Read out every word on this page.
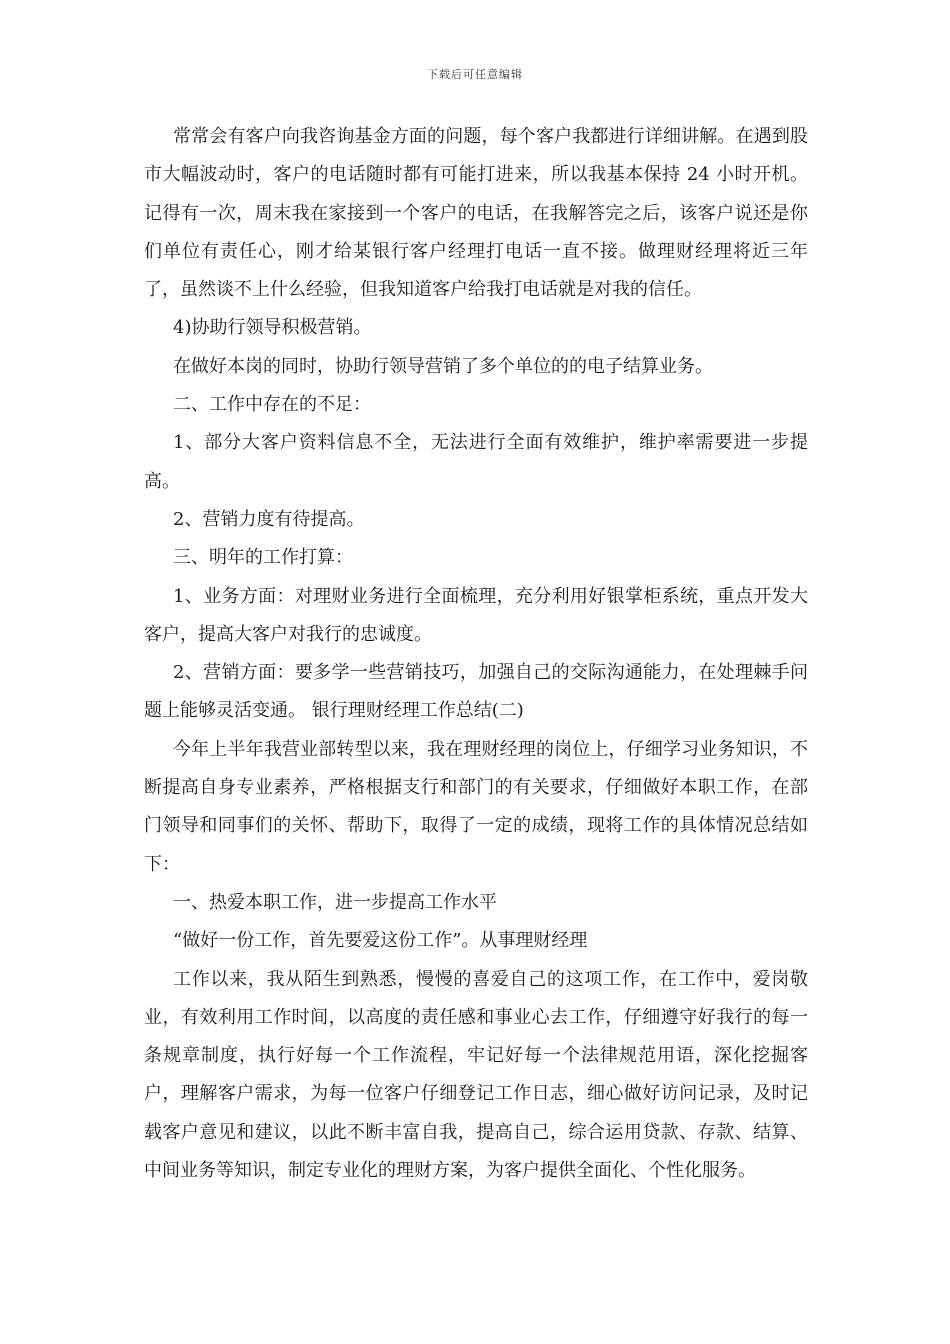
下载后可任意编辑

常常会有客户向我咨询基金方面的问题，每个客户我都进行详细讲解。在遇到股市大幅波动时，客户的电话随时都有可能打进来，所以我基本保持 24 小时开机。记得有一次，周末我在家接到一个客户的电话，在我解答完之后，该客户说还是你们单位有责任心，刚才给某银行客户经理打电话一直不接。做理财经理将近三年了，虽然谈不上什么经验，但我知道客户给我打电话就是对我的信任。

4)协助行领导积极营销。

在做好本岗的同时，协助行领导营销了多个单位的的电子结算业务。

二、工作中存在的不足：

1、部分大客户资料信息不全，无法进行全面有效维护，维护率需要进一步提高。

2、营销力度有待提高。

三、明年的工作打算：

1、业务方面：对理财业务进行全面梳理，充分利用好银掌柜系统，重点开发大客户，提高大客户对我行的忠诚度。

2、营销方面：要多学一些营销技巧，加强自己的交际沟通能力，在处理棘手问题上能够灵活变通。 银行理财经理工作总结(二)

今年上半年我营业部转型以来，我在理财经理的岗位上，仔细学习业务知识，不断提高自身专业素养，严格根据支行和部门的有关要求，仔细做好本职工作，在部门领导和同事们的关怀、帮助下，取得了一定的成绩，现将工作的具体情况总结如下：

一、热爱本职工作，进一步提高工作水平

“做好一份工作，首先要爱这份工作”。从事理财经理

工作以来，我从陌生到熟悉，慢慢的喜爱自己的这项工作，在工作中，爱岗敬业，有效利用工作时间，以高度的责任感和事业心去工作，仔细遵守好我行的每一条规章制度，执行好每一个工作流程，牢记好每一个法律规范用语，深化挖掘客户，理解客户需求，为每一位客户仔细登记工作日志，细心做好访问记录，及时记载客户意见和建议，以此不断丰富自我，提高自己，综合运用贷款、存款、结算、中间业务等知识，制定专业化的理财方案，为客户提供全面化、个性化服务。
